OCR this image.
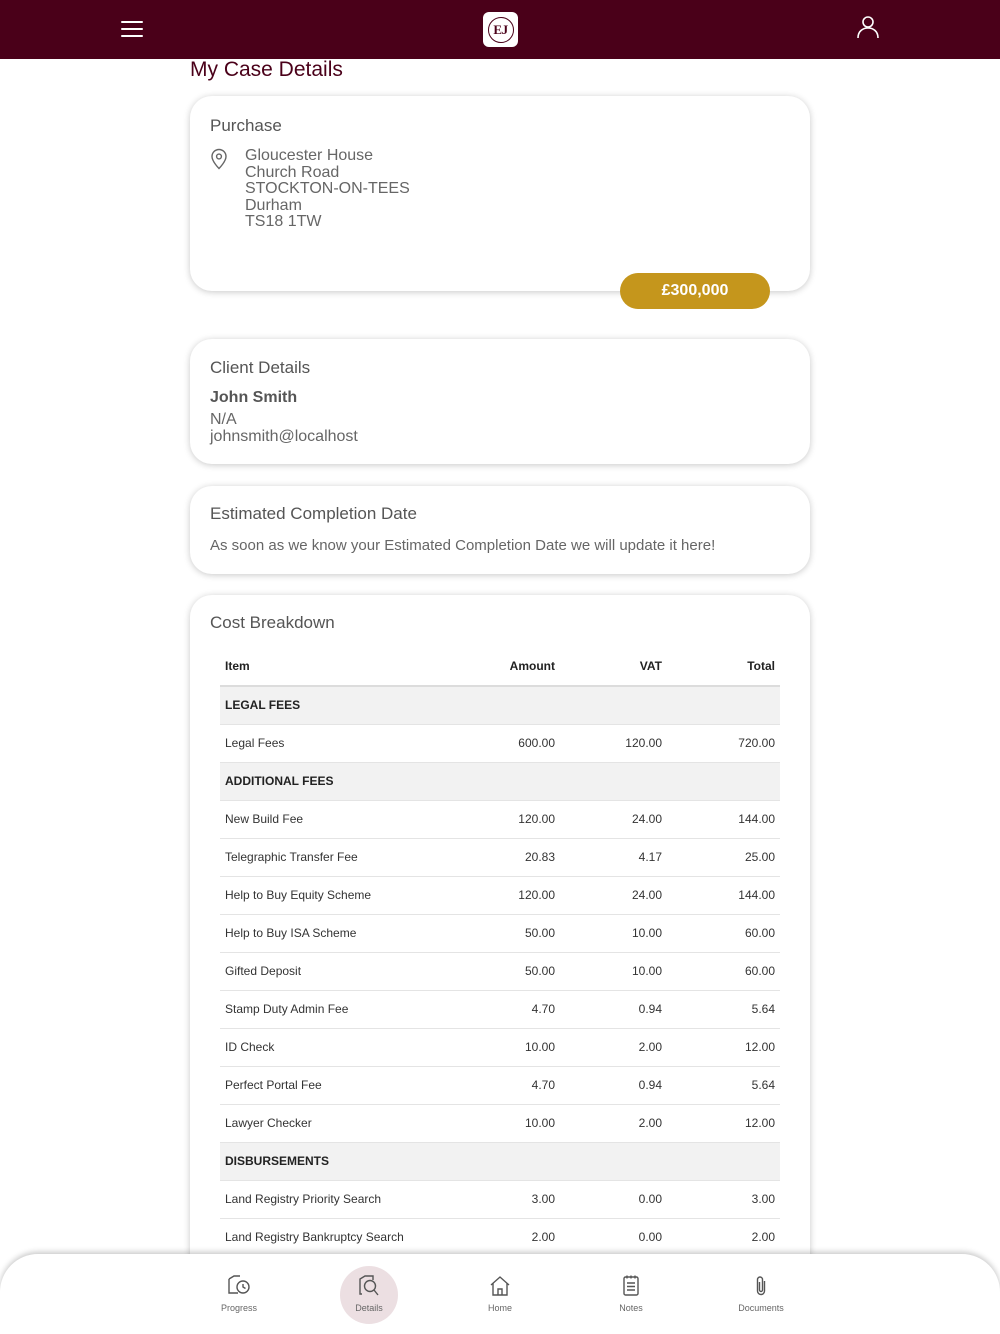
EJ
My Case Details
Purchase
Gloucester House
Church Road
STOCKTON-ON-TEES
Durham
TS18 1TW
£300,000
Client Details
John Smith
N/A
johnsmith@localhost
Estimated Completion Date
As soon as we know your Estimated Completion Date we will update it here!
Cost Breakdown
Item	Amount	VAT	Total
LEGAL FEES			
Legal Fees	600.00	120.00	720.00
ADDITIONAL FEES			
New Build Fee	120.00	24.00	144.00
Telegraphic Transfer Fee	20.83	4.17	25.00
Help to Buy Equity Scheme	120.00	24.00	144.00
Help to Buy ISA Scheme	50.00	10.00	60.00
Gifted Deposit	50.00	10.00	60.00
Stamp Duty Admin Fee	4.70	0.94	5.64
ID Check	10.00	2.00	12.00
Perfect Portal Fee	4.70	0.94	5.64
Lawyer Checker	10.00	2.00	12.00
DISBURSEMENTS			
Land Registry Priority Search	3.00	0.00	3.00
Land Registry Bankruptcy Search	2.00	0.00	2.00
Progress	Details	Home	Notes	Documents
